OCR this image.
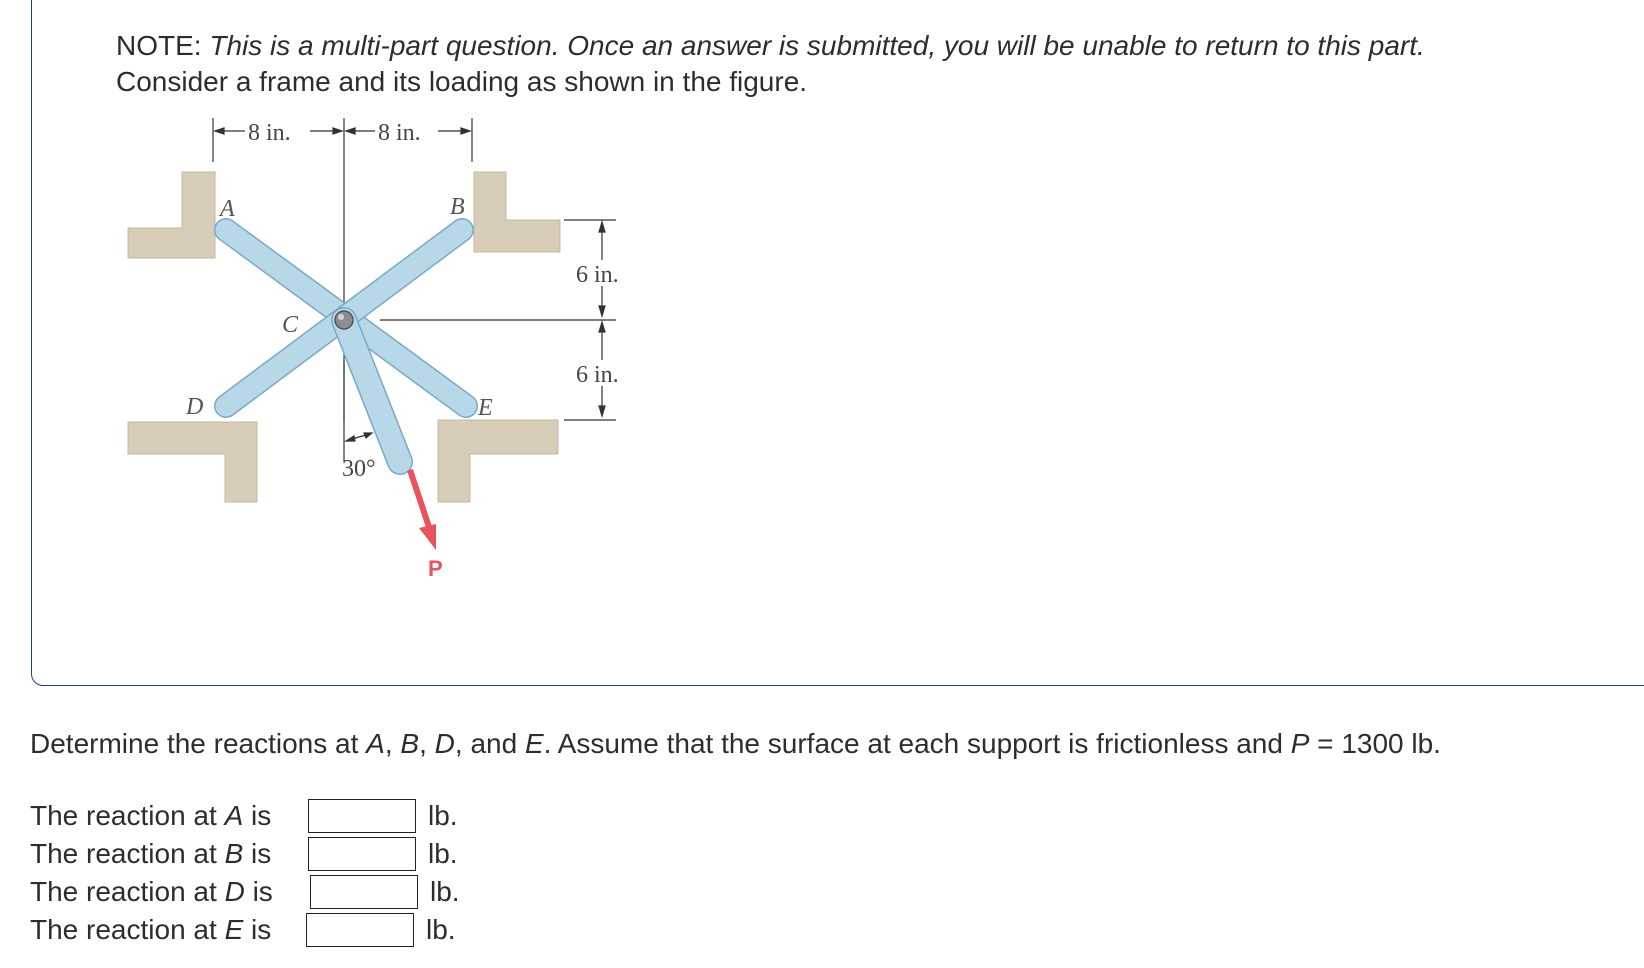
NOTE: This is a multi-part question. Once an answer is submitted, you will be unable to return to this part.
Consider a frame and its loading as shown in the figure.
8 in.	8 in.
6 in.
6 in.
30°
A	B
C
D	E
P
Determine the reactions at A, B, D, and E. Assume that the surface at each support is frictionless and P = 1300 lb.
The reaction at A is	lb.
The reaction at B is	lb.
The reaction at D is	lb.
The reaction at E is	lb.
